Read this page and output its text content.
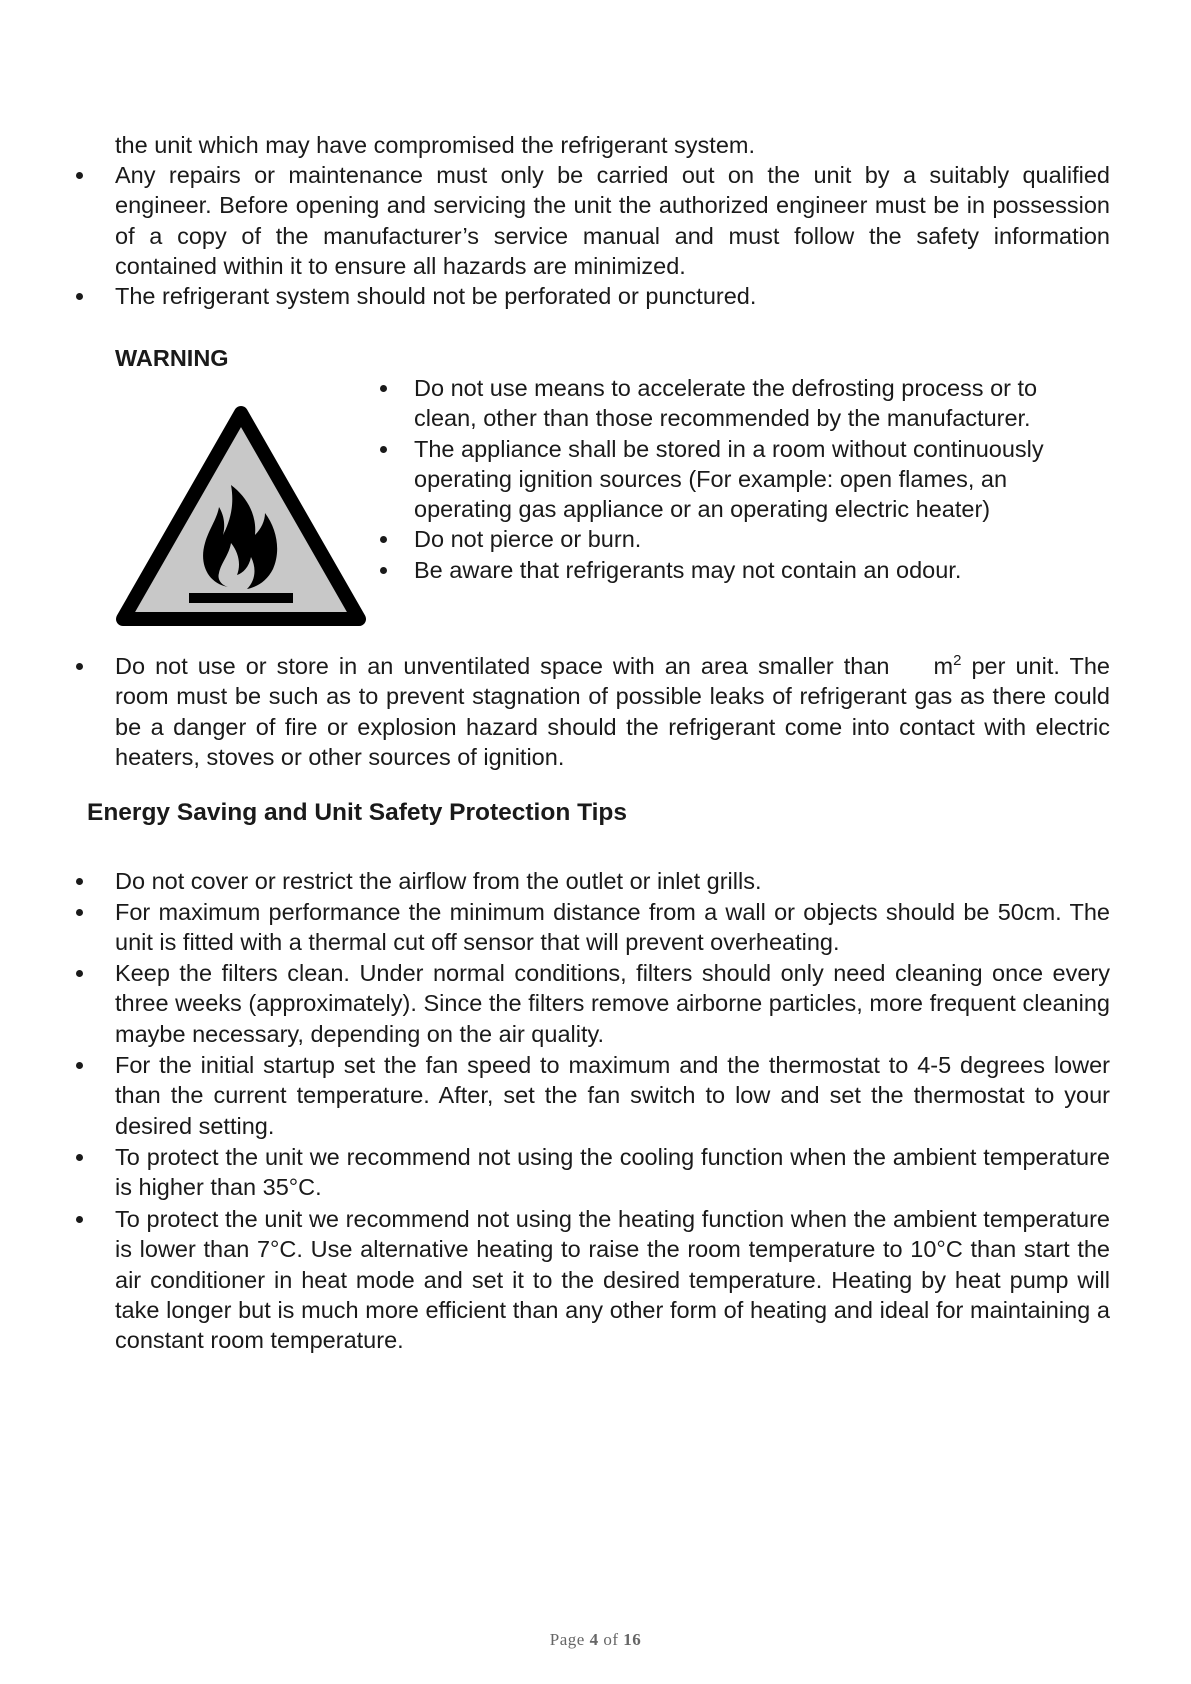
the unit which may have compromised the refrigerant system.

Any repairs or maintenance must only be carried out on the unit by a suitably qualified engineer. Before opening and servicing the unit the authorized engineer must be in possession of a copy of the manufacturer’s service manual and must follow the safety information contained within it to ensure all hazards are minimized.

The refrigerant system should not be perforated or punctured.

WARNING
Do not use means to accelerate the defrosting process or to clean, other than those recommended by the manufacturer.
The appliance shall be stored in a room without continuously operating ignition sources (For example: open flames, an operating gas appliance or an operating electric heater)
Do not pierce or burn.
Be aware that refrigerants may not contain an odour.

Do not use or store in an unventilated space with an area smaller than $m^2$ per unit. The room must be such as to prevent stagnation of possible leaks of refrigerant gas as there could be a danger of fire or explosion hazard should the refrigerant come into contact with electric heaters, stoves or other sources of ignition.

Energy Saving and Unit Safety Protection Tips

Do not cover or restrict the airflow from the outlet or inlet grills.

For maximum performance the minimum distance from a wall or objects should be 50cm. The unit is fitted with a thermal cut off sensor that will prevent overheating.

Keep the filters clean. Under normal conditions, filters should only need cleaning once every three weeks (approximately). Since the filters remove airborne particles, more frequent cleaning maybe necessary, depending on the air quality.

For the initial startup set the fan speed to maximum and the thermostat to 4-5 degrees lower than the current temperature. After, set the fan switch to low and set the thermostat to your desired setting.

To protect the unit we recommend not using the cooling function when the ambient temperature is higher than 35°C.

To protect the unit we recommend not using the heating function when the ambient temperature is lower than 7°C. Use alternative heating to raise the room temperature to 10°C than start the air conditioner in heat mode and set it to the desired temperature. Heating by heat pump will take longer but is much more efficient than any other form of heating and ideal for maintaining a constant room temperature.

Page 4 of 16
